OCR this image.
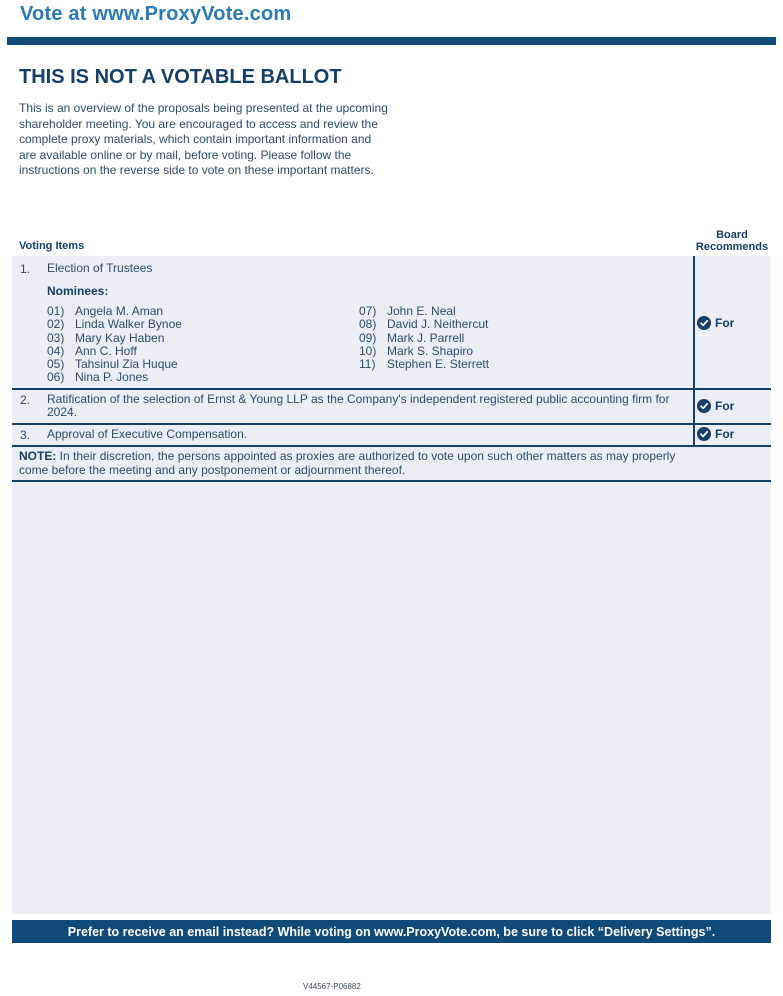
Vote at www.ProxyVote.com
THIS IS NOT A VOTABLE BALLOT
This is an overview of the proposals being presented at the upcoming shareholder meeting. You are encouraged to access and review the complete proxy materials, which contain important information and are available online or by mail, before voting. Please follow the instructions on the reverse side to vote on these important matters.
Voting Items
Board
Recommends
1. Election of Trustees
Nominees:
01) Angela M. Aman
02) Linda Walker Bynoe
03) Mary Kay Haben
04) Ann C. Hoff
05) Tahsinul Zia Huque
06) Nina P. Jones
07) John E. Neal
08) David J. Neithercut
09) Mark J. Parrell
10) Mark S. Shapiro
11) Stephen E. Sterrett
For
2. Ratification of the selection of Ernst & Young LLP as the Company's independent registered public accounting firm for 2024.	For
3. Approval of Executive Compensation.	For
NOTE: In their discretion, the persons appointed as proxies are authorized to vote upon such other matters as may properly come before the meeting and any postponement or adjournment thereof.
Prefer to receive an email instead? While voting on www.ProxyVote.com, be sure to click “Delivery Settings”.
V44567-P06882
